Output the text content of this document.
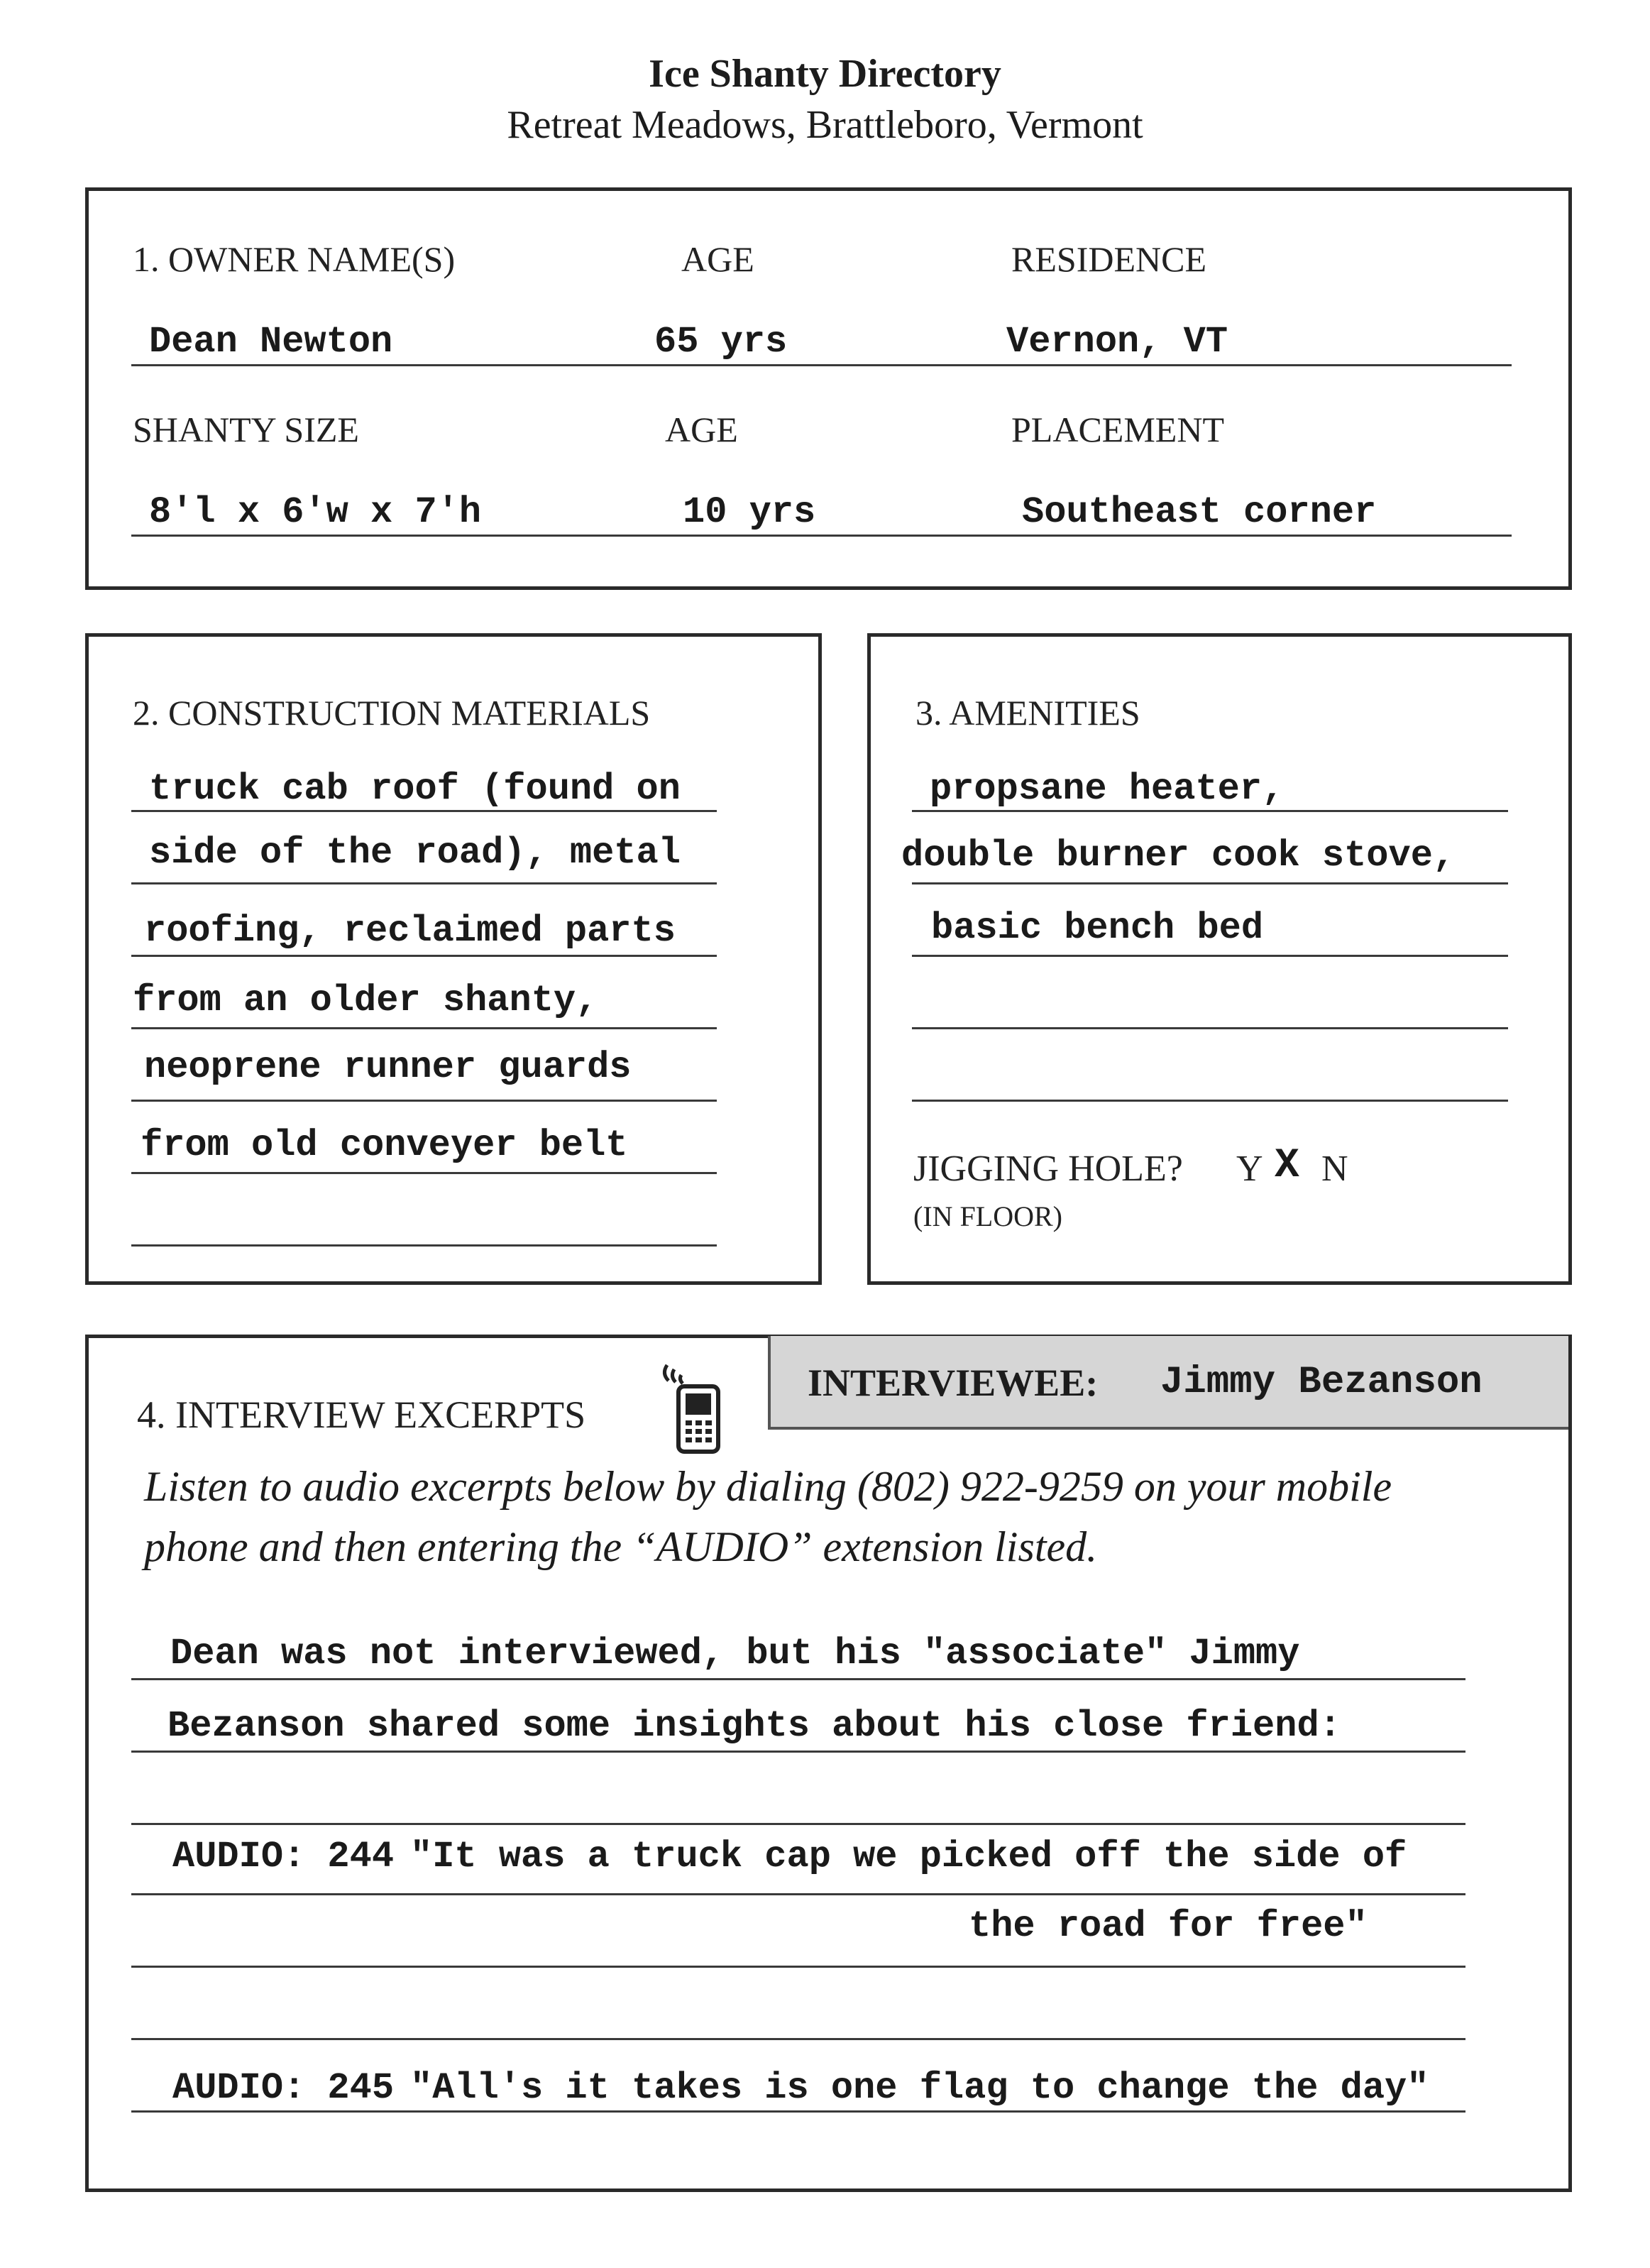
Ice Shanty Directory
Retreat Meadows, Brattleboro, Vermont
1. OWNER NAME(S)	AGE	RESIDENCE
Dean Newton	65 yrs	Vernon, VT
SHANTY SIZE	AGE	PLACEMENT
8'l x 6'w x 7'h	10 yrs	Southeast corner
2. CONSTRUCTION MATERIALS
truck cab roof (found on
side of the road), metal
roofing, reclaimed parts
from an older shanty,
neoprene runner guards
from old conveyer belt
3. AMENITIES
propsane heater,
double burner cook stove,
basic bench bed
JIGGING HOLE? Y X N
(IN FLOOR)
INTERVIEWEE: Jimmy Bezanson
4. INTERVIEW EXCERPTS
Listen to audio excerpts below by dialing (802) 922-9259 on your mobile
phone and then entering the “AUDIO” extension listed.
Dean was not interviewed, but his "associate" Jimmy
Bezanson shared some insights about his close friend:
AUDIO: 244 "It was a truck cap we picked off the side of
the road for free"
AUDIO: 245 "All's it takes is one flag to change the day"
